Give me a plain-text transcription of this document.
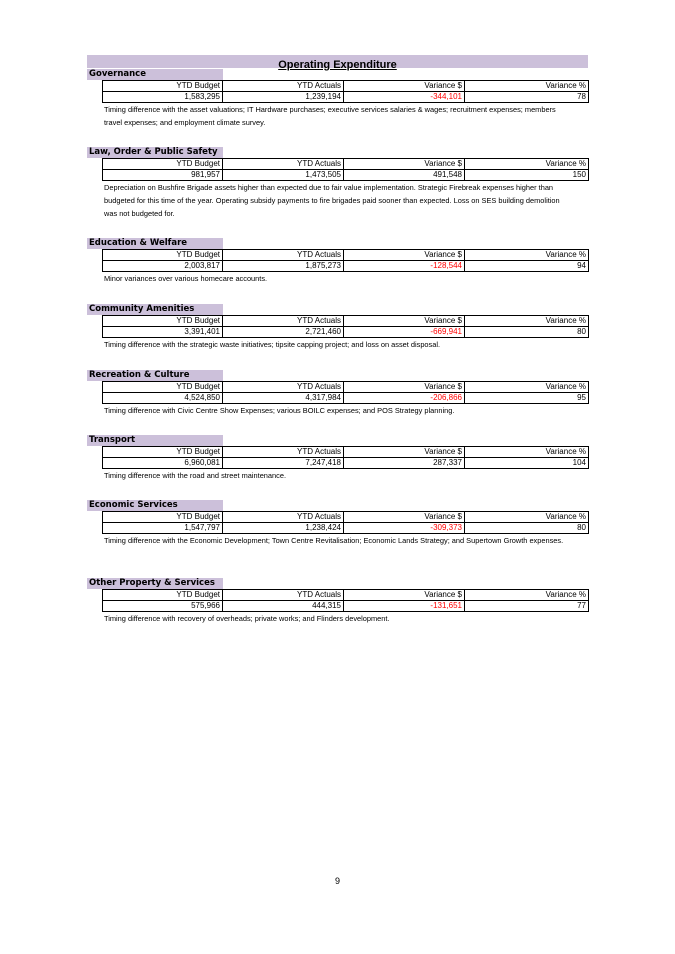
Operating Expenditure
Governance
YTD Budget	YTD Actuals	Variance $	Variance %
1,583,295	1,239,194	-344,101	78
Timing difference with the asset valuations; IT Hardware purchases; executive services salaries & wages; recruitment expenses; members travel expenses; and employment climate survey.
Law, Order & Public Safety
YTD Budget	YTD Actuals	Variance $	Variance %
981,957	1,473,505	491,548	150
Depreciation on Bushfire Brigade assets higher than expected due to fair value implementation. Strategic Firebreak expenses higher than budgeted for this time of the year. Operating subsidy payments to fire brigades paid sooner than expected. Loss on SES building demolition was not budgeted for.
Education & Welfare
YTD Budget	YTD Actuals	Variance $	Variance %
2,003,817	1,875,273	-128,544	94
Minor variances over various homecare accounts.
Community Amenities
YTD Budget	YTD Actuals	Variance $	Variance %
3,391,401	2,721,460	-669,941	80
Timing difference with the strategic waste initiatives; tipsite capping project; and loss on asset disposal.
Recreation & Culture
YTD Budget	YTD Actuals	Variance $	Variance %
4,524,850	4,317,984	-206,866	95
Timing difference with Civic Centre Show Expenses; various BOILC expenses; and POS Strategy planning.
Transport
YTD Budget	YTD Actuals	Variance $	Variance %
6,960,081	7,247,418	287,337	104
Timing difference with the road and street maintenance.
Economic Services
YTD Budget	YTD Actuals	Variance $	Variance %
1,547,797	1,238,424	-309,373	80
Timing difference with the Economic Development; Town Centre Revitalisation; Economic Lands Strategy; and Supertown Growth expenses.
Other Property & Services
YTD Budget	YTD Actuals	Variance $	Variance %
575,966	444,315	-131,651	77
Timing difference with recovery of overheads; private works; and Flinders development.
9
